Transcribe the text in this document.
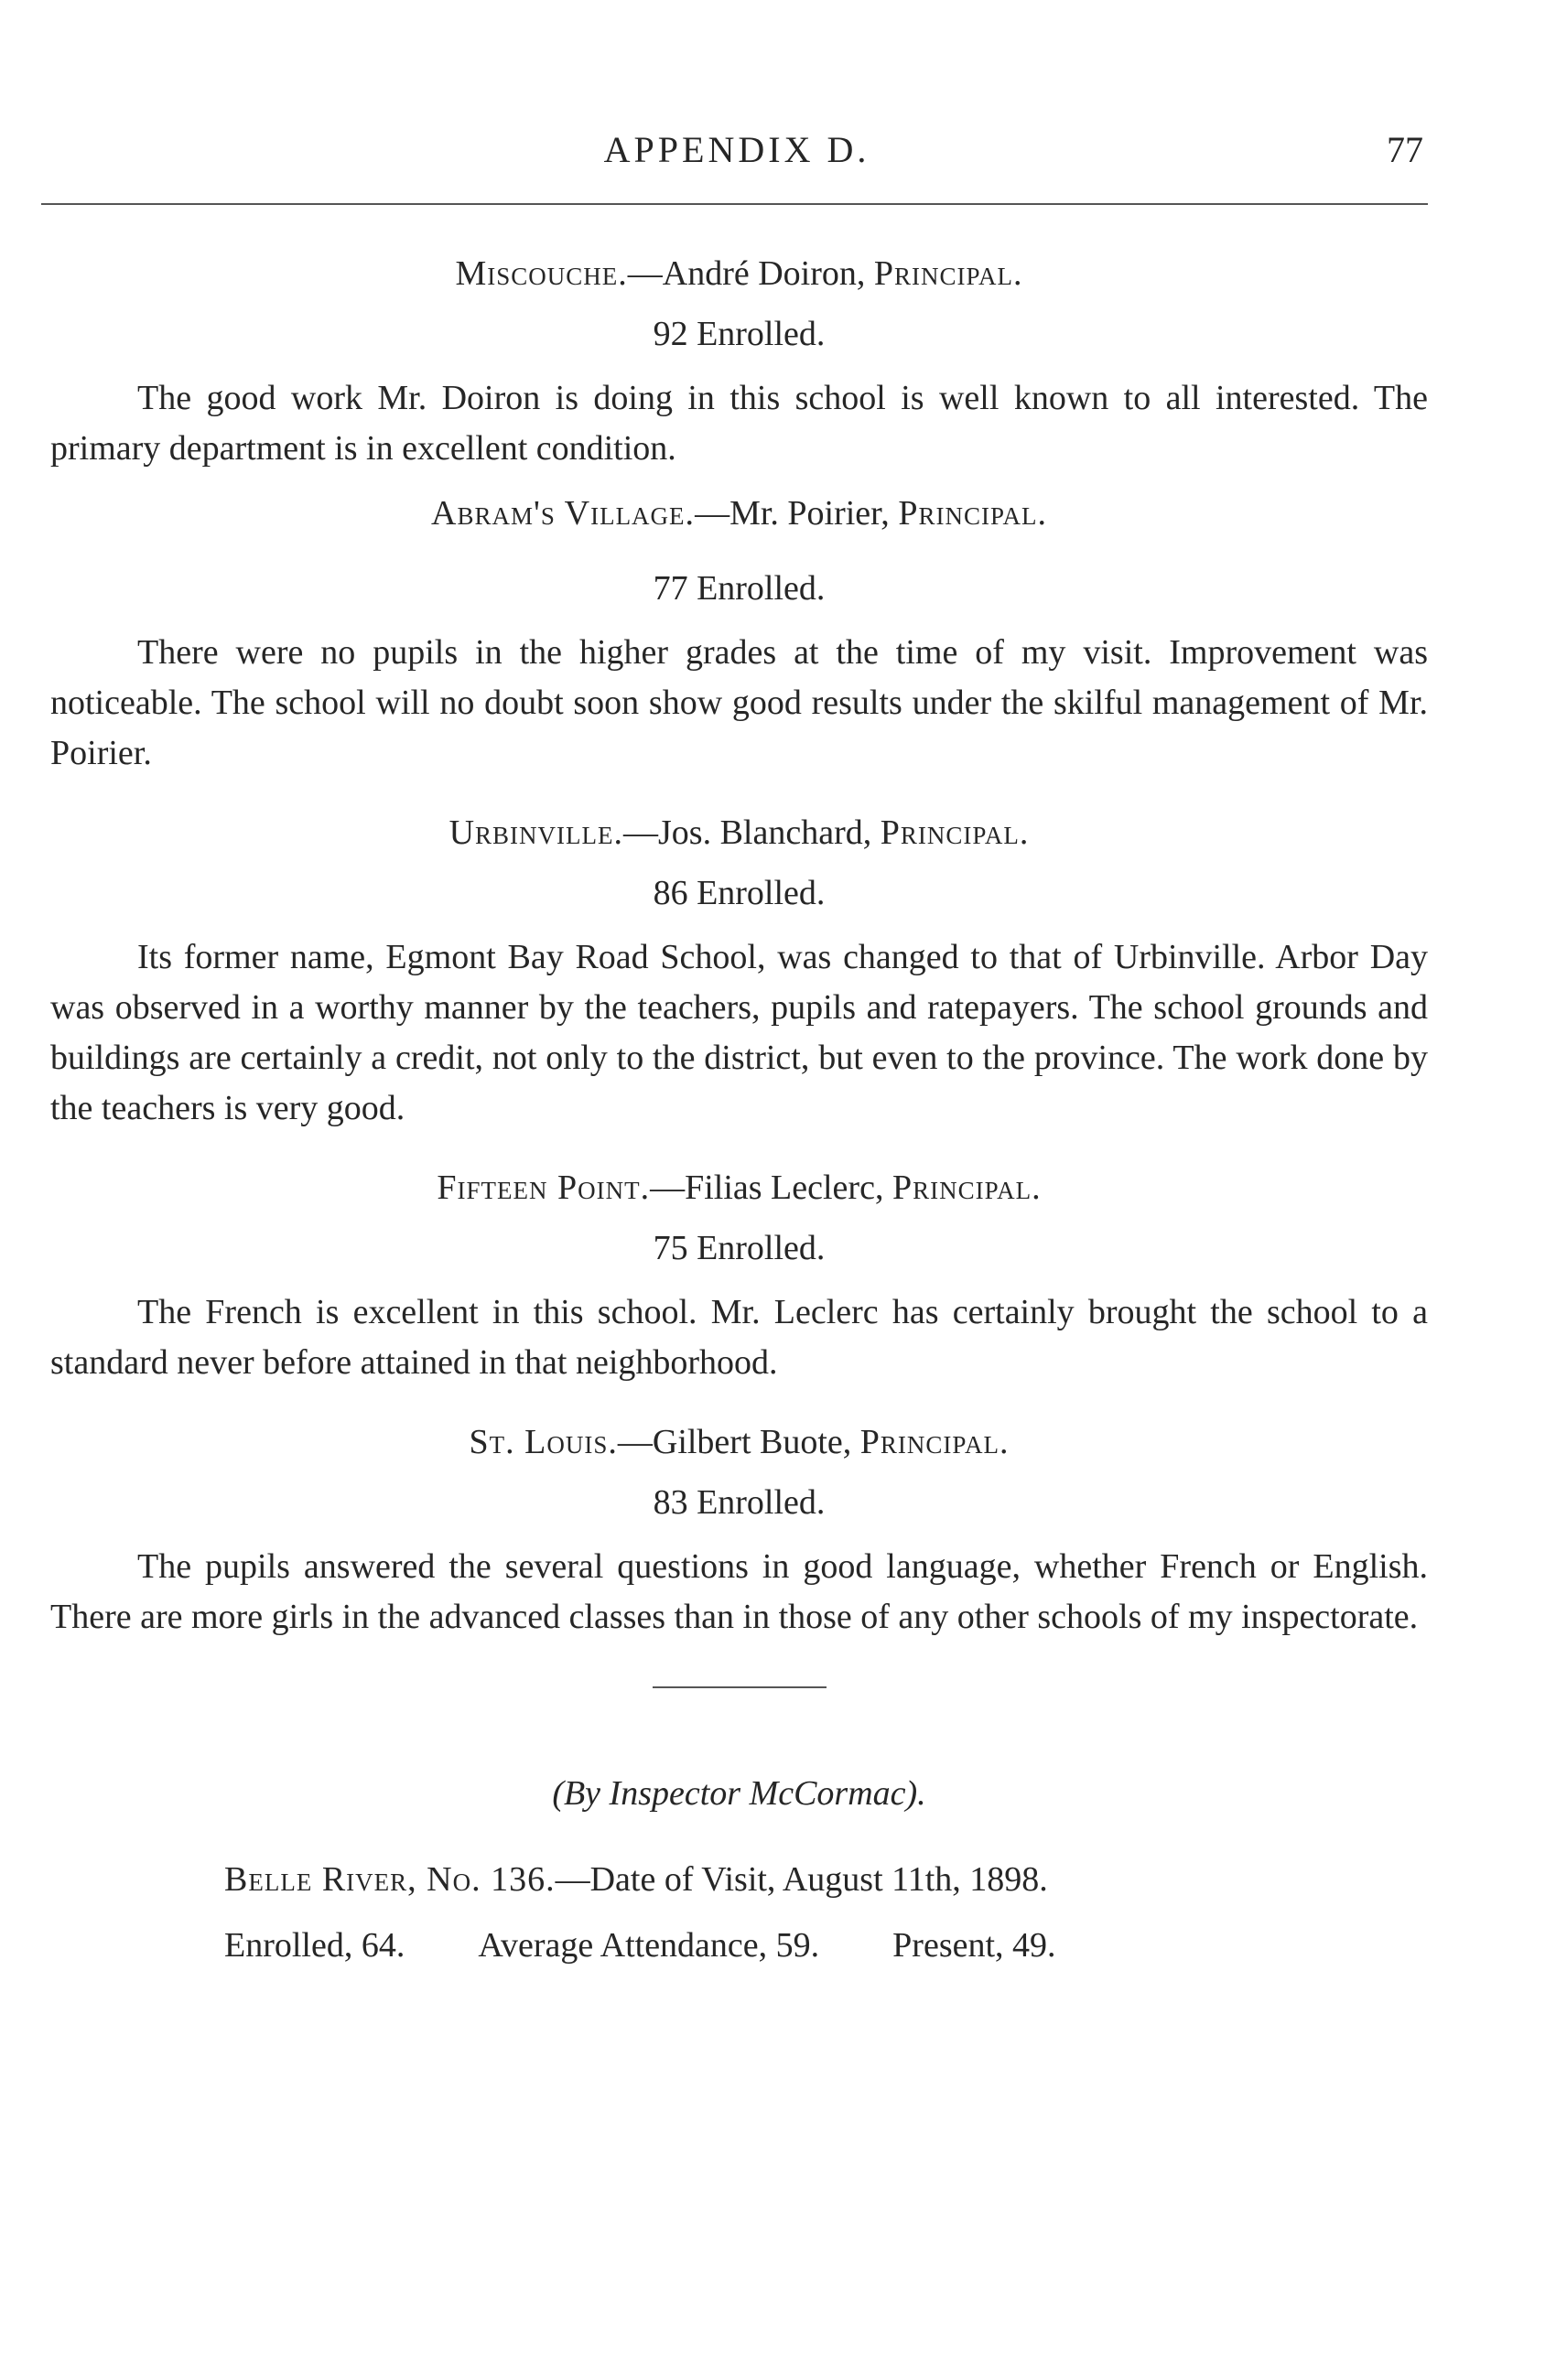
APPENDIX D.	77

Miscouche.—André Doiron, Principal.

92 Enrolled.

The good work Mr. Doiron is doing in this school is well known to all interested. The primary department is in excellent condition.

Abram's Village.—Mr. Poirier, Principal.

77 Enrolled.

There were no pupils in the higher grades at the time of my visit. Improvement was noticeable. The school will no doubt soon show good results under the skilful management of Mr. Poirier.

Urbinville.—Jos. Blanchard, Principal.

86 Enrolled.

Its former name, Egmont Bay Road School, was changed to that of Urbinville. Arbor Day was observed in a worthy manner by the teachers, pupils and ratepayers. The school grounds and buildings are certainly a credit, not only to the district, but even to the province. The work done by the teachers is very good.

Fifteen Point.—Filias Leclerc, Principal.

75 Enrolled.

The French is excellent in this school. Mr. Leclerc has certainly brought the school to a standard never before attained in that neighborhood.

St. Louis.—Gilbert Buote, Principal.

83 Enrolled.

The pupils answered the several questions in good language, whether French or English. There are more girls in the advanced classes than in those of any other schools of my inspectorate.

(By Inspector McCormac).

Belle River, No. 136.—Date of Visit, August 11th, 1898.

Enrolled, 64. Average Attendance, 59. Present, 49.
